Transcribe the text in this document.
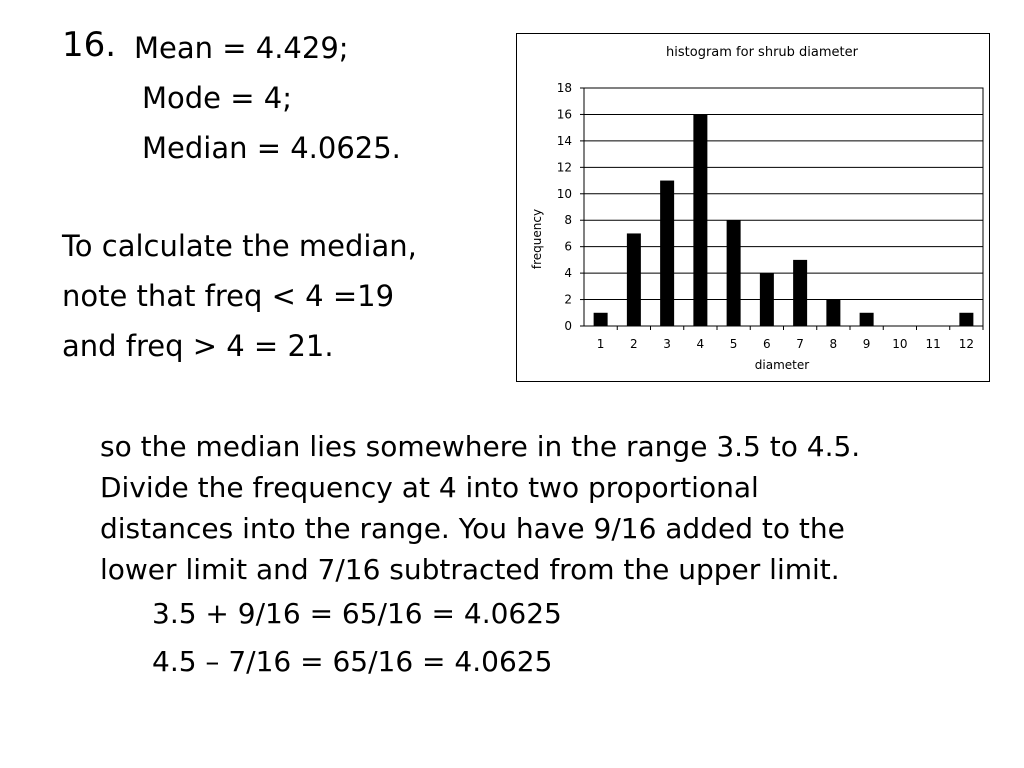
16. Mean = 4.429;
Mode = 4;
Median = 4.0625.
To calculate the median,
note that freq < 4 =19
and freq > 4 = 21.
histogram for shrub diameter
frequency
diameter
0
2
4
6
8
10
12
14
16
18
1 2 3 4 5 6 7 8 9 10 11 12
so the median lies somewhere in the range 3.5 to 4.5.
Divide the frequency at 4 into two proportional
distances into the range. You have 9/16 added to the
lower limit and 7/16 subtracted from the upper limit.
3.5 + 9/16 = 65/16 = 4.0625
4.5 – 7/16 = 65/16 = 4.0625
